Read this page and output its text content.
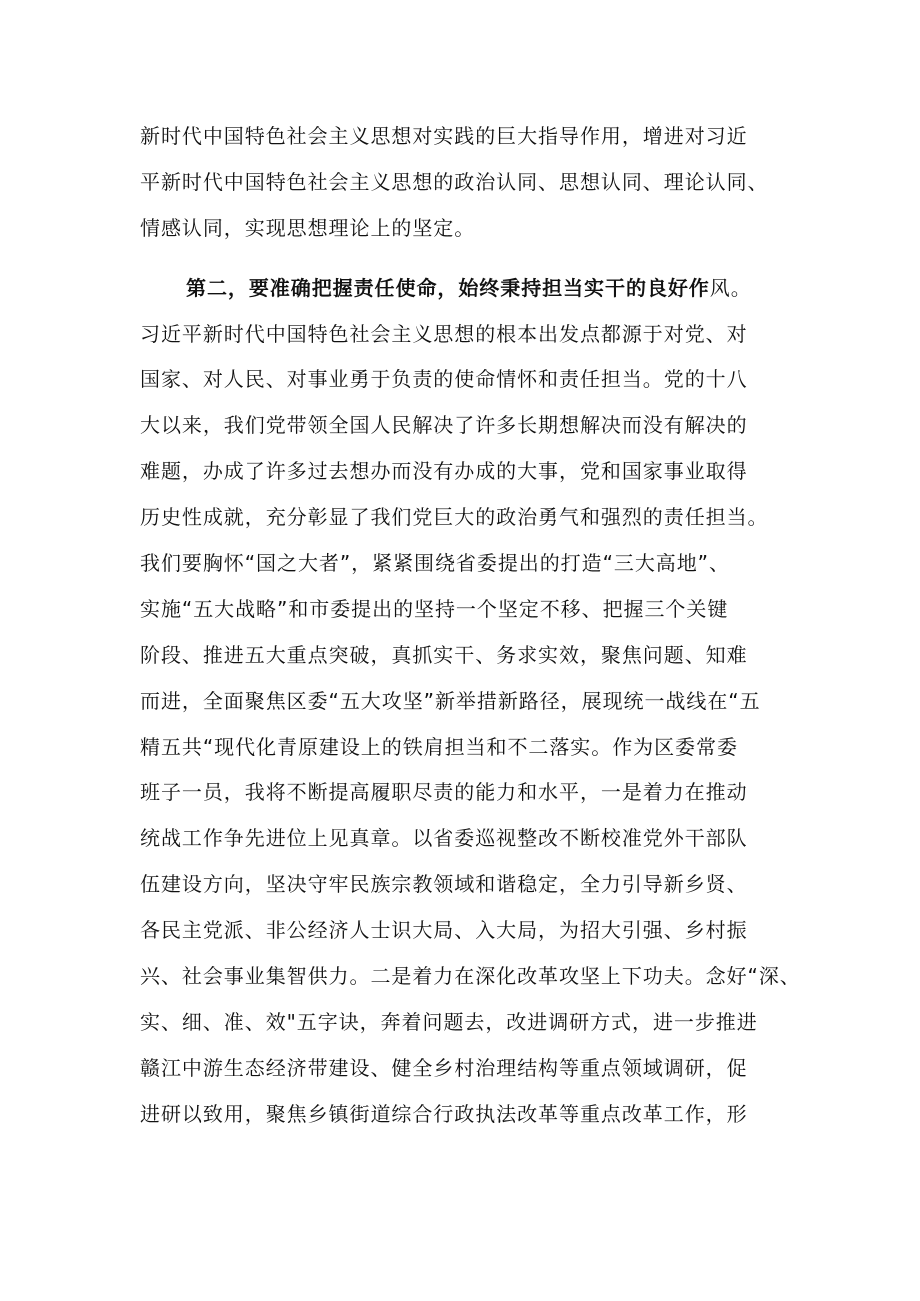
新时代中国特色社会主义思想对实践的巨大指导作用，增进对习近
平新时代中国特色社会主义思想的政治认同、思想认同、理论认同、
情感认同，实现思想理论上的坚定。
第二，要准确把握责任使命，始终秉持担当实干的良好作风。
习近平新时代中国特色社会主义思想的根本出发点都源于对党、对
国家、对人民、对事业勇于负责的使命情怀和责任担当。党的十八
大以来，我们党带领全国人民解决了许多长期想解决而没有解决的
难题，办成了许多过去想办而没有办成的大事，党和国家事业取得
历史性成就，充分彰显了我们党巨大的政治勇气和强烈的责任担当。
我们要胸怀“国之大者”，紧紧围绕省委提出的打造“三大高地”、
实施“五大战略”和市委提出的坚持一个坚定不移、把握三个关键
阶段、推进五大重点突破，真抓实干、务求实效，聚焦问题、知难
而进，全面聚焦区委“五大攻坚”新举措新路径，展现统一战线在“五
精五共“现代化青原建设上的铁肩担当和不二落实。作为区委常委
班子一员，我将不断提高履职尽责的能力和水平，一是着力在推动
统战工作争先进位上见真章。以省委巡视整改不断校准党外干部队
伍建设方向，坚决守牢民族宗教领域和谐稳定，全力引导新乡贤、
各民主党派、非公经济人士识大局、入大局，为招大引强、乡村振
兴、社会事业集智供力。二是着力在深化改革攻坚上下功夫。念好“深、
实、细、准、效"五字诀，奔着问题去，改进调研方式，进一步推进
赣江中游生态经济带建设、健全乡村治理结构等重点领域调研，促
进研以致用，聚焦乡镇街道综合行政执法改革等重点改革工作，形
